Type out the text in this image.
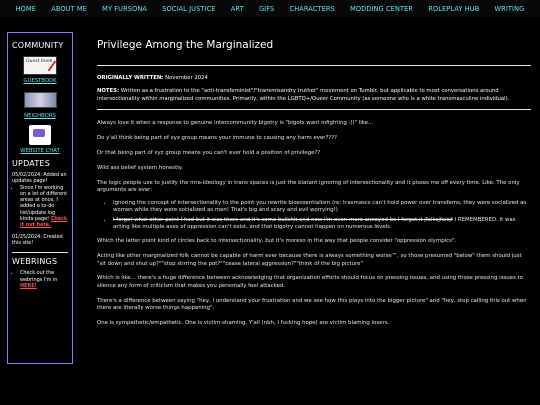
HOME ABOUT ME MY FURSONA SOCIAL JUSTICE ART GIFS CHARACTERS MODDING CENTER ROLEPLAY HUB WRITING
COMMUNITY
Guest book
GUESTBOOK
NEIGHBORS
WEBSITE CHAT
UPDATES
05/02/2024: Added an updates page!
• Since I'm working on a lot of different areas at once, I added a to-do list/update log kinda page! Check it out here.
01/25/2024: Created this site!
WEBRINGS
• Check out the webrings I'm in HERE!
Privilege Among the Marginalized
ORIGINALLY WRITTEN: November 2024
NOTES: Written as a frustration to the "anti-transfeminist"/"transmisandry truther" movement on Tumblr, but applicable to most conversations around intersectionality within marginalized communities. Primarily, within the LGBTQ+/Queer Community (as someone who is a white transmasculine individual).

Always love it when a response to genuine intercommunity bigotry is "bigots want infighting :((" like...

Do y'all think being part of xyz group means your immune to causing any harm ever????

Or that being part of xyz group means you can't ever hold a position of privilege??

Wild ass belief system honestly.

The logic people use to justify the mra-ideology in trans spaces is just the blatant ignoring of intersectionality and it pisses me off every time. Like. The only arguments are ever:

• Ignoring the concept of intersectionality to the point you rewrite bioessentialism (re: trasmascs can't hold power over transfems, they were socialized as women while they were socialized as men! That's big and scary and evil worrying!)
• I forgot what other point I had but it was there and it's some bullshit and now I'm even more annoyed bc I forgot it jfalksjfalsjf I REMEMBERED. It was acting like multiple axes of oppression can't exist, and that bigotry cannot happen on numerous levels.

Which the latter point kind of circles back to intersectionality, but it's moreso in the way that people consider "oppression olympics".

Acting like other marginalized folk cannot be capable of harm ever because there is always something worse™, so those presumed "below" them should just "sit down and shut up?""stop stirring the pot?""cease lateral aggression?""think of the big picture"

Which is like... there's a huge difference between acknowledging that organization efforts should focus on pressing issues, and using those pressing issues to silence any form of criticism that makes you personally feel attacked.

There's a difference between saying "hey, I understand your frustration and we see how this plays into the bigger picture" and "hey, stop calling this out when there are literally worse things happening".

One is sympathetic/empathetic. One is victim-shaming. Y'all (nbh, I fucking hope) are victim blaming losers.
